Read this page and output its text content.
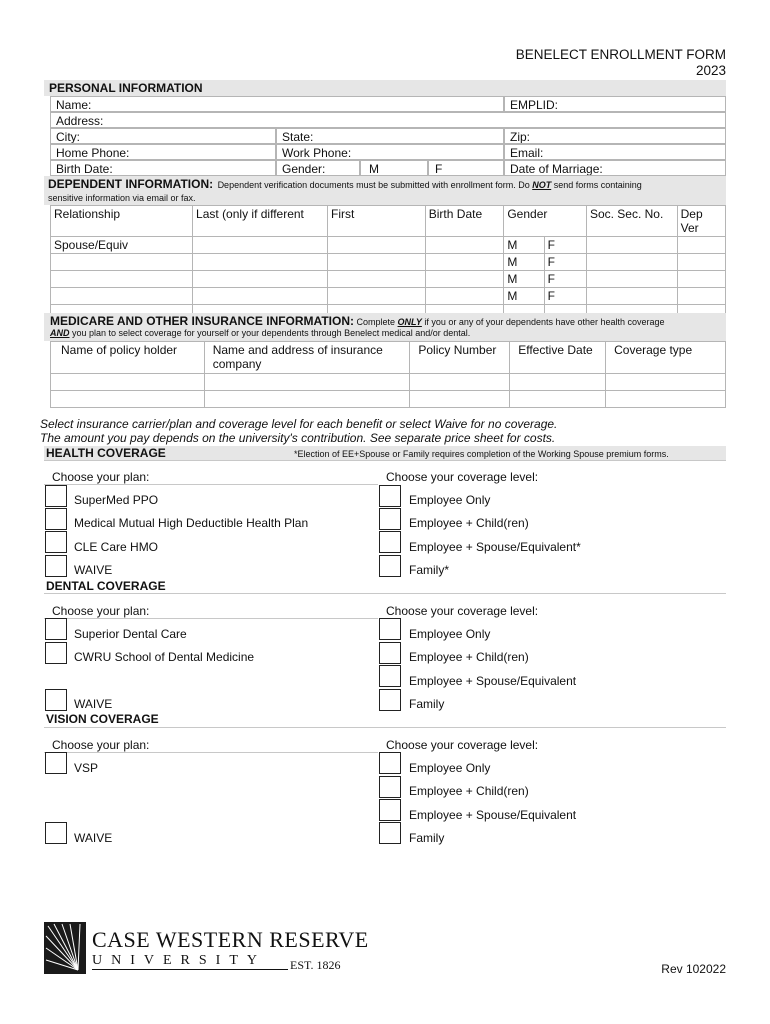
BENELECT ENROLLMENT FORM
2023
PERSONAL INFORMATION
Name:	EMPLID:
Address:
City:	State:	Zip:
Home Phone:	Work Phone:	Email:
Birth Date:	Gender:	M	F	Date of Marriage:
DEPENDENT INFORMATION: Dependent verification documents must be submitted with enrollment form. Do NOT send forms containing
sensitive information via email or fax.
Relationship	Last (only if different	First	Birth Date	Gender		Soc. Sec. No.	Dep Ver
Spouse/Equiv				M	F		
				M	F		
				M	F		
				M	F		

MEDICARE AND OTHER INSURANCE INFORMATION: Complete ONLY if you or any of your dependents have other health coverage
AND you plan to select coverage for yourself or your dependents through Benelect medical and/or dental.
Name of policy holder	Name and address of insurance company	Policy Number	Effective Date	Coverage type

Select insurance carrier/plan and coverage level for each benefit or select Waive for no coverage.
The amount you pay depends on the university's contribution. See separate price sheet for costs.
HEALTH COVERAGE	*Election of EE+Spouse or Family requires completion of the Working Spouse premium forms.
Choose your plan:	Choose your coverage level:
SuperMed PPO
Medical Mutual High Deductible Health Plan
CLE Care HMO
WAIVE
Employee Only
Employee + Child(ren)
Employee + Spouse/Equivalent*
Family*
DENTAL COVERAGE
Choose your plan:	Choose your coverage level:
Superior Dental Care
CWRU School of Dental Medicine
WAIVE
Employee Only
Employee + Child(ren)
Employee + Spouse/Equivalent
Family
VISION COVERAGE
Choose your plan:	Choose your coverage level:
VSP
WAIVE
Employee Only
Employee + Child(ren)
Employee + Spouse/Equivalent
Family
CASE WESTERN RESERVE
UNIVERSITY EST. 1826	Rev 102022
